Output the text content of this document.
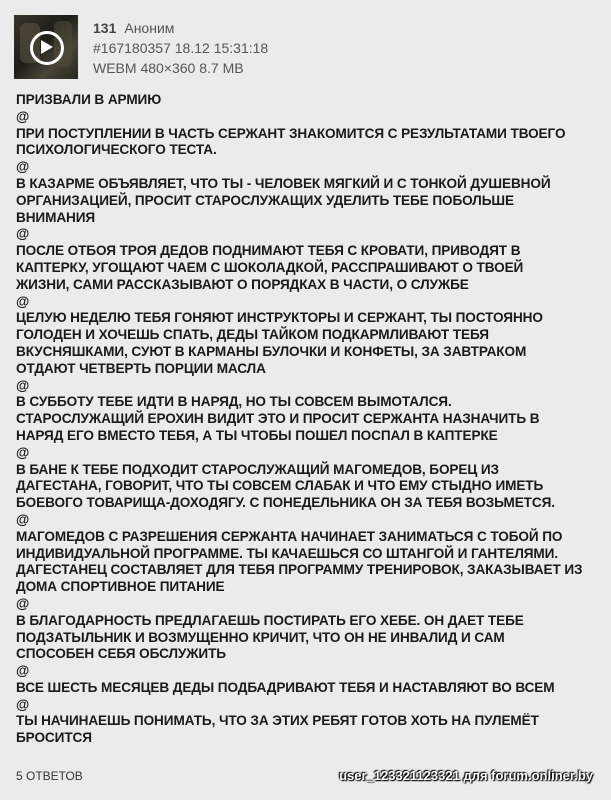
131 Аноним
#167180357 18.12 15:31:18
WEBM 480×360 8.7 MB

ПРИЗВАЛИ В АРМИЮ

@

ПРИ ПОСТУПЛЕНИИ В ЧАСТЬ СЕРЖАНТ ЗНАКОМИТСЯ С РЕЗУЛЬТАТАМИ ТВОЕГО

ПСИХОЛОГИЧЕСКОГО ТЕСТА.

@

В КАЗАРМЕ ОБЪЯВЛЯЕТ, ЧТО ТЫ - ЧЕЛОВЕК МЯГКИЙ И С ТОНКОЙ ДУШЕВНОЙ

ОРГАНИЗАЦИЕЙ, ПРОСИТ СТАРОСЛУЖАЩИХ УДЕЛИТЬ ТЕБЕ ПОБОЛЬШЕ

ВНИМАНИЯ

@

ПОСЛЕ ОТБОЯ ТРОЯ ДЕДОВ ПОДНИМАЮТ ТЕБЯ С КРОВАТИ, ПРИВОДЯТ В

КАПТЕРКУ, УГОЩАЮТ ЧАЕМ С ШОКОЛАДКОЙ, РАССПРАШИВАЮТ О ТВОЕЙ

ЖИЗНИ, САМИ РАССКАЗЫВАЮТ О ПОРЯДКАХ В ЧАСТИ, О СЛУЖБЕ

@

ЦЕЛУЮ НЕДЕЛЮ ТЕБЯ ГОНЯЮТ ИНСТРУКТОРЫ И СЕРЖАНТ, ТЫ ПОСТОЯННО

ГОЛОДЕН И ХОЧЕШЬ СПАТЬ, ДЕДЫ ТАЙКОМ ПОДКАРМЛИВАЮТ ТЕБЯ

ВКУСНЯШКАМИ, СУЮТ В КАРМАНЫ БУЛОЧКИ И КОНФЕТЫ, ЗА ЗАВТРАКОМ

ОТДАЮТ ЧЕТВЕРТЬ ПОРЦИИ МАСЛА

@

В СУББОТУ ТЕБЕ ИДТИ В НАРЯД, НО ТЫ СОВСЕМ ВЫМОТАЛСЯ.

СТАРОСЛУЖАЩИЙ ЕРОХИН ВИДИТ ЭТО И ПРОСИТ СЕРЖАНТА НАЗНАЧИТЬ В

НАРЯД ЕГО ВМЕСТО ТЕБЯ, А ТЫ ЧТОБЫ ПОШЕЛ ПОСПАЛ В КАПТЕРКЕ

@

В БАНЕ К ТЕБЕ ПОДХОДИТ СТАРОСЛУЖАЩИЙ МАГОМЕДОВ, БОРЕЦ ИЗ

ДАГЕСТАНА, ГОВОРИТ, ЧТО ТЫ СОВСЕМ СЛАБАК И ЧТО ЕМУ СТЫДНО ИМЕТЬ

БОЕВОГО ТОВАРИЩА-ДОХОДЯГУ. С ПОНЕДЕЛЬНИКА ОН ЗА ТЕБЯ ВОЗЬМЕТСЯ.

@

МАГОМЕДОВ С РАЗРЕШЕНИЯ СЕРЖАНТА НАЧИНАЕТ ЗАНИМАТЬСЯ С ТОБОЙ ПО

ИНДИВИДУАЛЬНОЙ ПРОГРАММЕ. ТЫ КАЧАЕШЬСЯ СО ШТАНГОЙ И ГАНТЕЛЯМИ.

ДАГЕСТАНЕЦ СОСТАВЛЯЕТ ДЛЯ ТЕБЯ ПРОГРАММУ ТРЕНИРОВОК, ЗАКАЗЫВАЕТ ИЗ

ДОМА СПОРТИВНОЕ ПИТАНИЕ

@

В БЛАГОДАРНОСТЬ ПРЕДЛАГАЕШЬ ПОСТИРАТЬ ЕГО ХЕБЕ. ОН ДАЕТ ТЕБЕ

ПОДЗАТЫЛЬНИК И ВОЗМУЩЕННО КРИЧИТ, ЧТО ОН НЕ ИНВАЛИД И САМ

СПОСОБЕН СЕБЯ ОБСЛУЖИТЬ

@

ВСЕ ШЕСТЬ МЕСЯЦЕВ ДЕДЫ ПОДБАДРИВАЮТ ТЕБЯ И НАСТАВЛЯЮТ ВО ВСЕМ

@

ТЫ НАЧИНАЕШЬ ПОНИМАТЬ, ЧТО ЗА ЭТИХ РЕБЯТ ГОТОВ ХОТЬ НА ПУЛЕМЁТ

БРОСИТСЯ

5 ОТВЕТОВ	user_123321123321 для forum.onliner.by
